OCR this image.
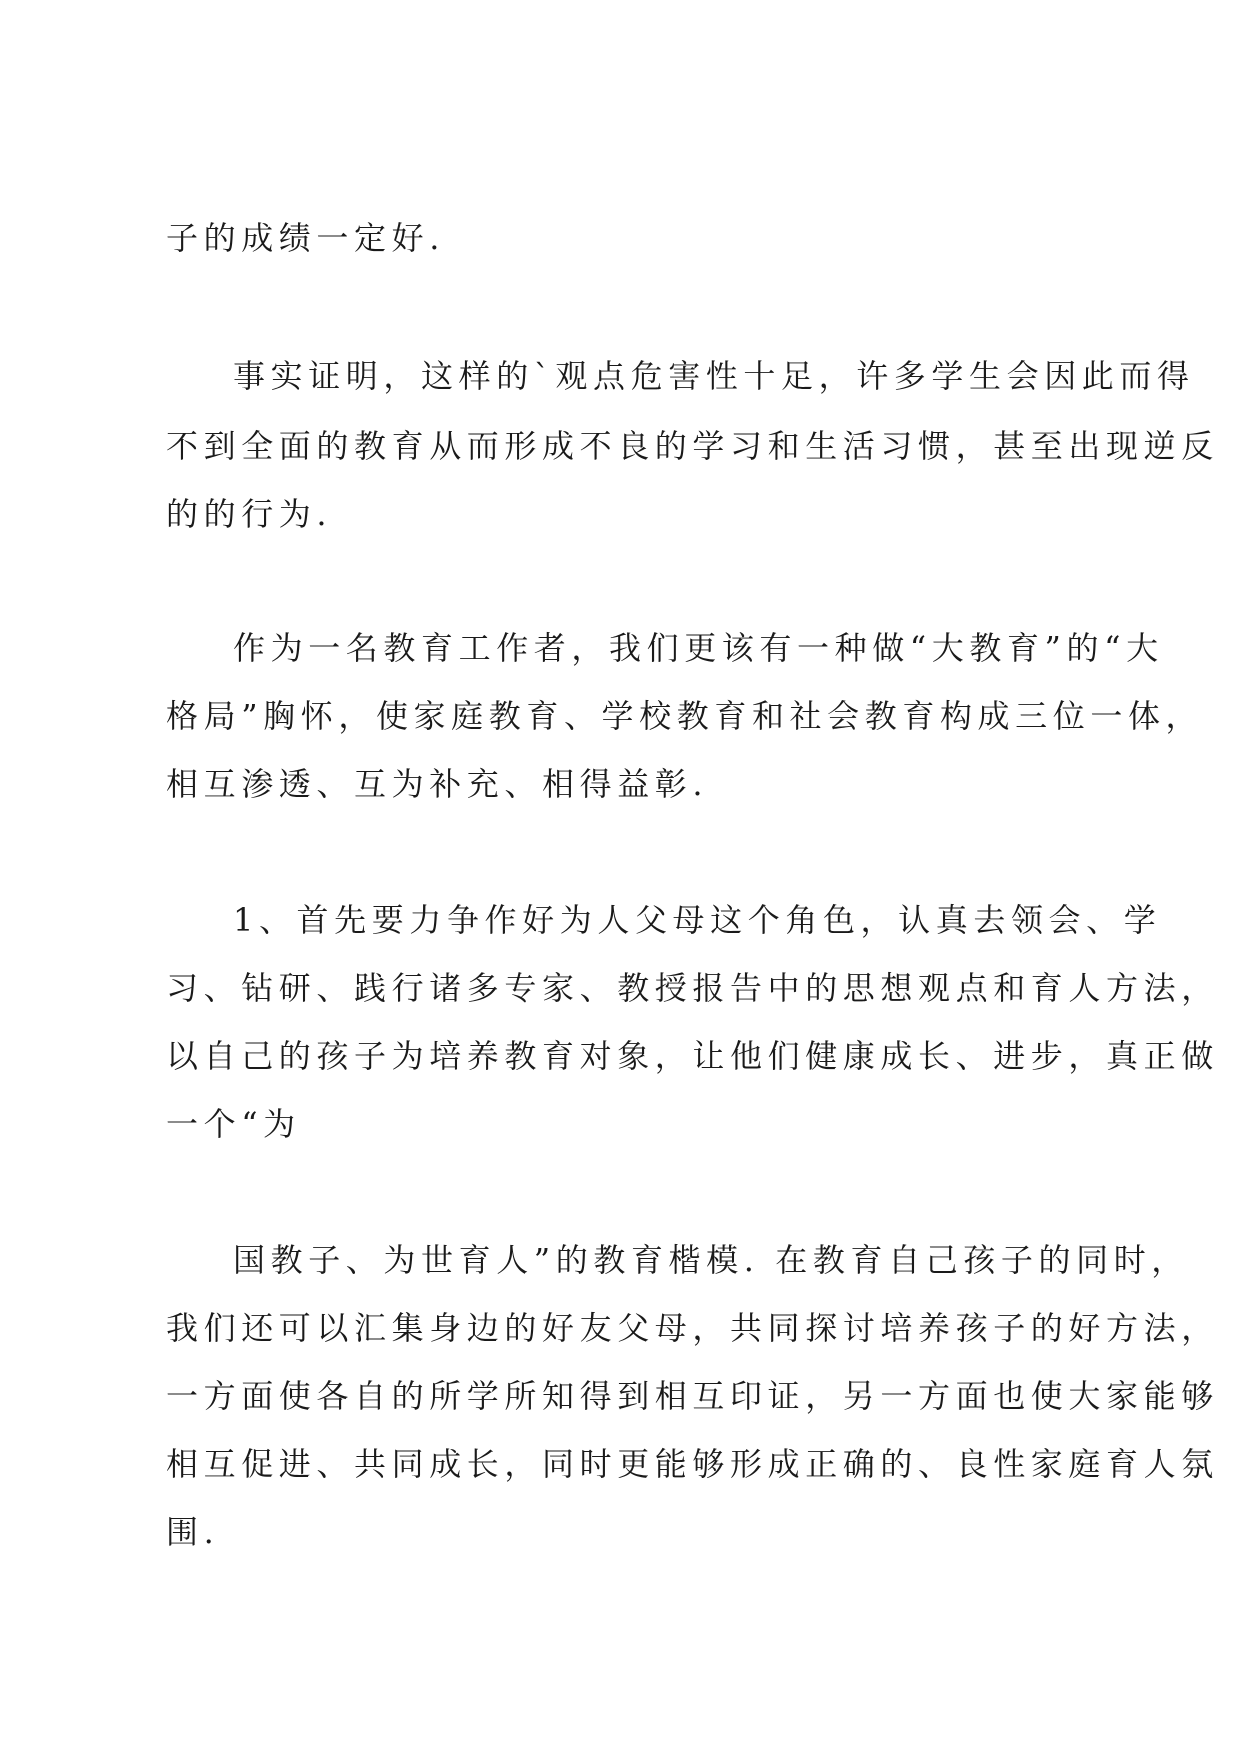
子的成绩一定好.
事实证明，这样的`观点危害性十足，许多学生会因此而得
不到全面的教育从而形成不良的学习和生活习惯，甚至出现逆反
的的行为.
作为一名教育工作者，我们更该有一种做“大教育”的“大
格局”胸怀，使家庭教育、学校教育和社会教育构成三位一体，
相互渗透、互为补充、相得益彰.
1、首先要力争作好为人父母这个角色，认真去领会、学
习、钻研、践行诸多专家、教授报告中的思想观点和育人方法，
以自己的孩子为培养教育对象，让他们健康成长、进步，真正做
一个“为
国教子、为世育人”的教育楷模. 在教育自己孩子的同时，
我们还可以汇集身边的好友父母，共同探讨培养孩子的好方法，
一方面使各自的所学所知得到相互印证，另一方面也使大家能够
相互促进、共同成长，同时更能够形成正确的、良性家庭育人氛
围.
